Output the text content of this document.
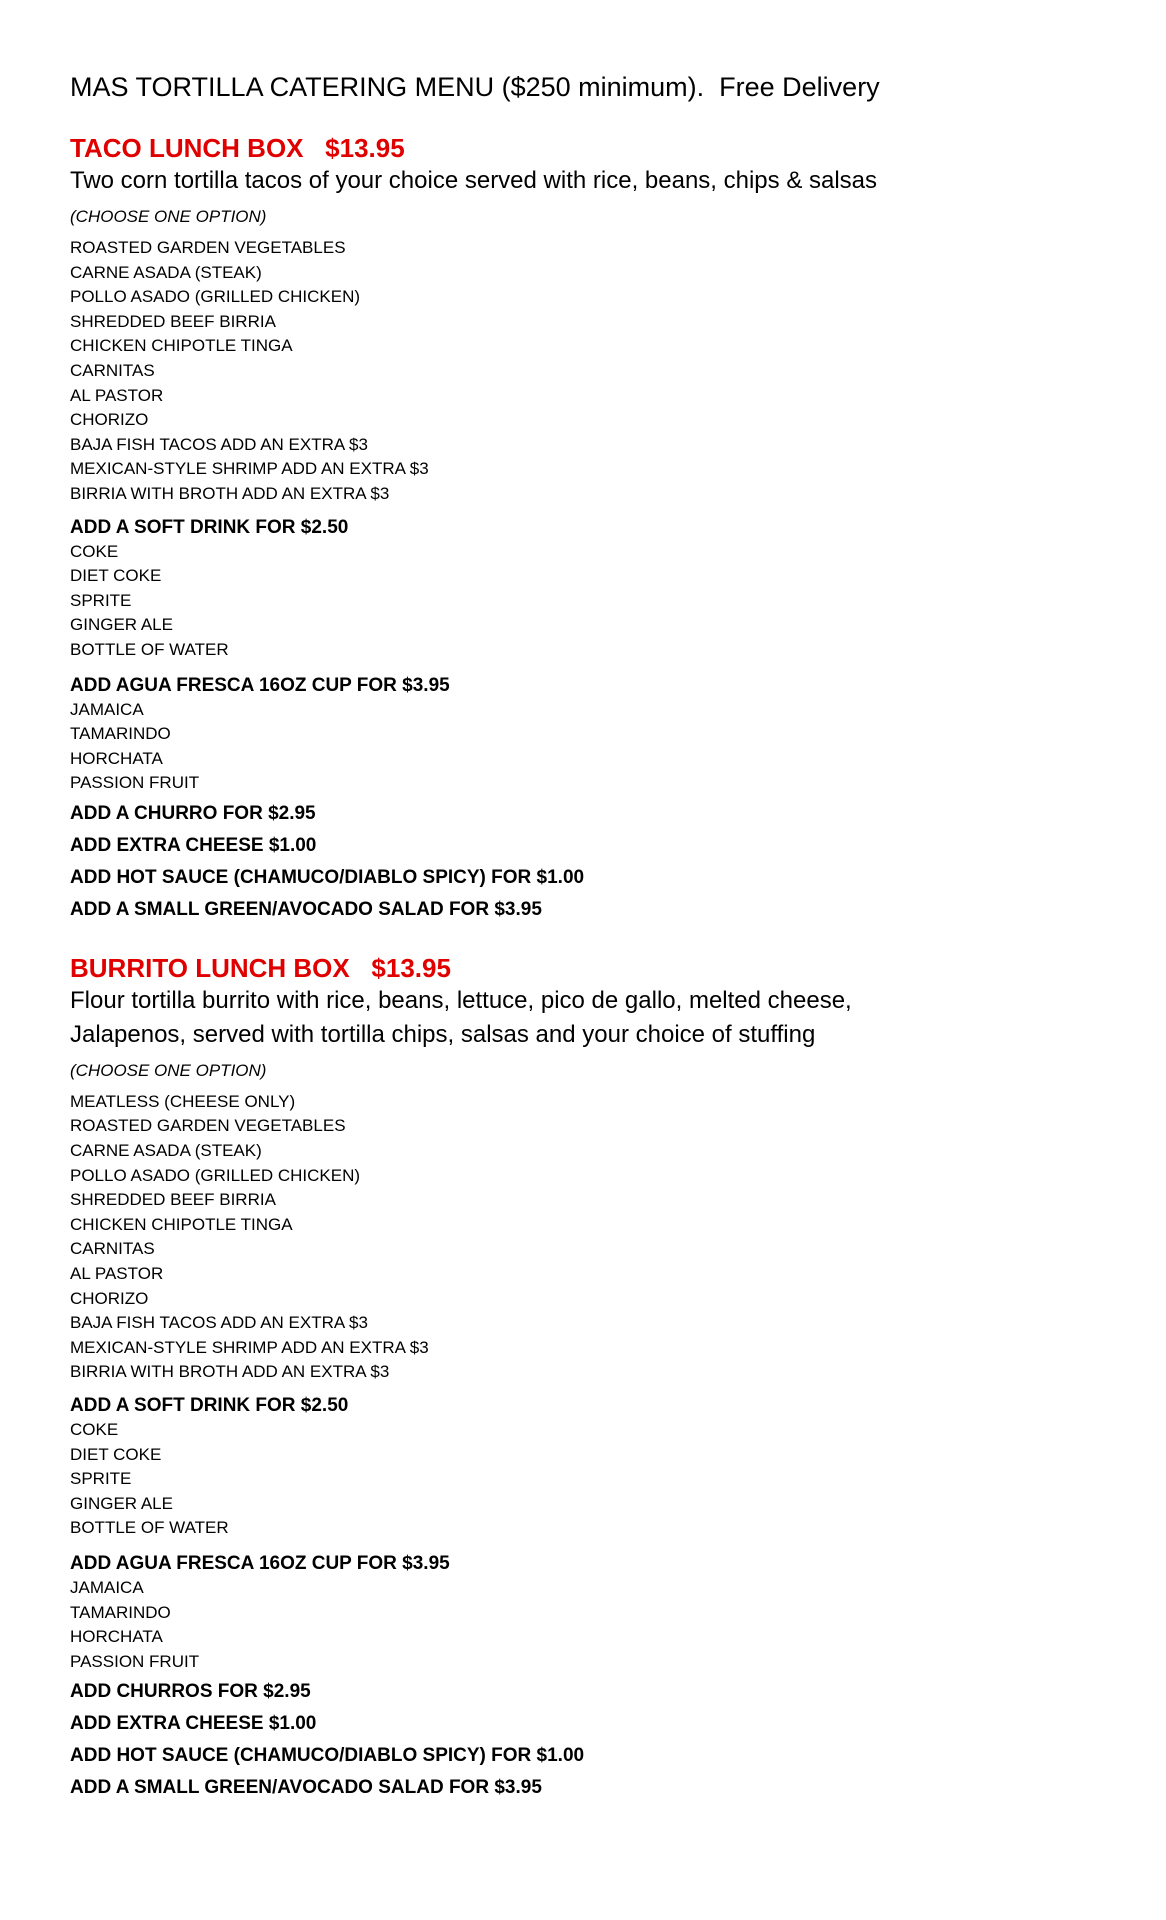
MAS TORTILLA CATERING MENU ($250 minimum).  Free Delivery
TACO LUNCH BOX   $13.95

Two corn tortilla tacos of your choice served with rice, beans, chips & salsas

(CHOOSE ONE OPTION)

ROASTED GARDEN VEGETABLES
CARNE ASADA (STEAK)
POLLO ASADO (GRILLED CHICKEN)
SHREDDED BEEF BIRRIA
CHICKEN CHIPOTLE TINGA
CARNITAS
AL PASTOR
CHORIZO
BAJA FISH TACOS ADD AN EXTRA $3
MEXICAN-STYLE SHRIMP ADD AN EXTRA $3
BIRRIA WITH BROTH ADD AN EXTRA $3

ADD A SOFT DRINK FOR $2.50

COKE
DIET COKE
SPRITE
GINGER ALE
BOTTLE OF WATER

ADD AGUA FRESCA 16OZ CUP FOR $3.95

JAMAICA
TAMARINDO
HORCHATA
PASSION FRUIT

ADD A CHURRO FOR $2.95

ADD EXTRA CHEESE $1.00

ADD HOT SAUCE (CHAMUCO/DIABLO SPICY) FOR $1.00

ADD A SMALL GREEN/AVOCADO SALAD FOR $3.95

BURRITO LUNCH BOX   $13.95

Flour tortilla burrito with rice, beans, lettuce, pico de gallo, melted cheese, Jalapenos, served with tortilla chips, salsas and your choice of stuffing

(CHOOSE ONE OPTION)

MEATLESS (CHEESE ONLY)
ROASTED GARDEN VEGETABLES
CARNE ASADA (STEAK)
POLLO ASADO (GRILLED CHICKEN)
SHREDDED BEEF BIRRIA
CHICKEN CHIPOTLE TINGA
CARNITAS
AL PASTOR
CHORIZO
BAJA FISH TACOS ADD AN EXTRA $3
MEXICAN-STYLE SHRIMP ADD AN EXTRA $3
BIRRIA WITH BROTH ADD AN EXTRA $3

ADD A SOFT DRINK FOR $2.50

COKE
DIET COKE
SPRITE
GINGER ALE
BOTTLE OF WATER

ADD AGUA FRESCA 16OZ CUP FOR $3.95

JAMAICA
TAMARINDO
HORCHATA
PASSION FRUIT

ADD CHURROS FOR $2.95

ADD EXTRA CHEESE $1.00

ADD HOT SAUCE (CHAMUCO/DIABLO SPICY) FOR $1.00

ADD A SMALL GREEN/AVOCADO SALAD FOR $3.95
